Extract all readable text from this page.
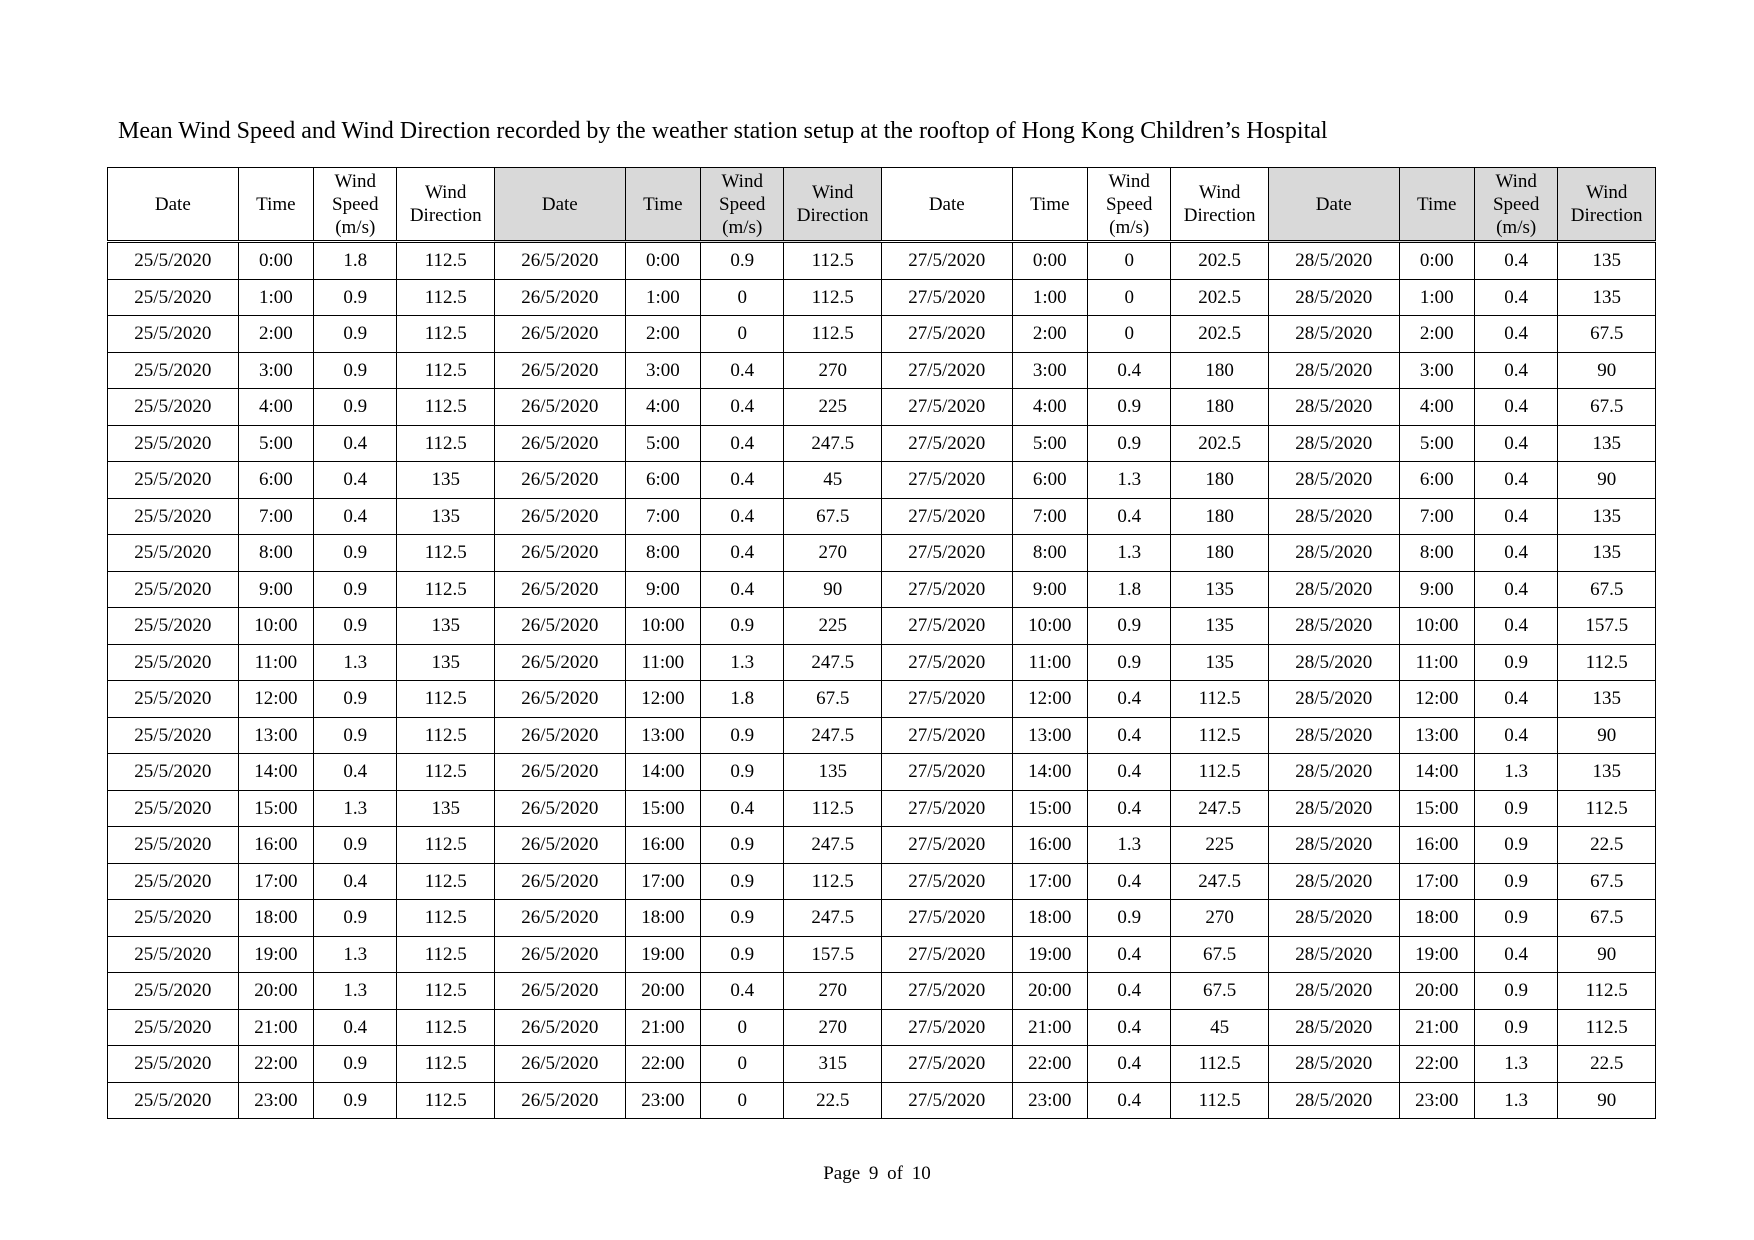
Mean Wind Speed and Wind Direction recorded by the weather station setup at the rooftop of Hong Kong Children’s Hospital
Date	Time	Wind Speed (m/s)	Wind Direction	Date	Time	Wind Speed (m/s)	Wind Direction	Date	Time	Wind Speed (m/s)	Wind Direction	Date	Time	Wind Speed (m/s)	Wind Direction
25/5/2020	0:00	1.8	112.5	26/5/2020	0:00	0.9	112.5	27/5/2020	0:00	0	202.5	28/5/2020	0:00	0.4	135
25/5/2020	1:00	0.9	112.5	26/5/2020	1:00	0	112.5	27/5/2020	1:00	0	202.5	28/5/2020	1:00	0.4	135
25/5/2020	2:00	0.9	112.5	26/5/2020	2:00	0	112.5	27/5/2020	2:00	0	202.5	28/5/2020	2:00	0.4	67.5
25/5/2020	3:00	0.9	112.5	26/5/2020	3:00	0.4	270	27/5/2020	3:00	0.4	180	28/5/2020	3:00	0.4	90
25/5/2020	4:00	0.9	112.5	26/5/2020	4:00	0.4	225	27/5/2020	4:00	0.9	180	28/5/2020	4:00	0.4	67.5
25/5/2020	5:00	0.4	112.5	26/5/2020	5:00	0.4	247.5	27/5/2020	5:00	0.9	202.5	28/5/2020	5:00	0.4	135
25/5/2020	6:00	0.4	135	26/5/2020	6:00	0.4	45	27/5/2020	6:00	1.3	180	28/5/2020	6:00	0.4	90
25/5/2020	7:00	0.4	135	26/5/2020	7:00	0.4	67.5	27/5/2020	7:00	0.4	180	28/5/2020	7:00	0.4	135
25/5/2020	8:00	0.9	112.5	26/5/2020	8:00	0.4	270	27/5/2020	8:00	1.3	180	28/5/2020	8:00	0.4	135
25/5/2020	9:00	0.9	112.5	26/5/2020	9:00	0.4	90	27/5/2020	9:00	1.8	135	28/5/2020	9:00	0.4	67.5
25/5/2020	10:00	0.9	135	26/5/2020	10:00	0.9	225	27/5/2020	10:00	0.9	135	28/5/2020	10:00	0.4	157.5
25/5/2020	11:00	1.3	135	26/5/2020	11:00	1.3	247.5	27/5/2020	11:00	0.9	135	28/5/2020	11:00	0.9	112.5
25/5/2020	12:00	0.9	112.5	26/5/2020	12:00	1.8	67.5	27/5/2020	12:00	0.4	112.5	28/5/2020	12:00	0.4	135
25/5/2020	13:00	0.9	112.5	26/5/2020	13:00	0.9	247.5	27/5/2020	13:00	0.4	112.5	28/5/2020	13:00	0.4	90
25/5/2020	14:00	0.4	112.5	26/5/2020	14:00	0.9	135	27/5/2020	14:00	0.4	112.5	28/5/2020	14:00	1.3	135
25/5/2020	15:00	1.3	135	26/5/2020	15:00	0.4	112.5	27/5/2020	15:00	0.4	247.5	28/5/2020	15:00	0.9	112.5
25/5/2020	16:00	0.9	112.5	26/5/2020	16:00	0.9	247.5	27/5/2020	16:00	1.3	225	28/5/2020	16:00	0.9	22.5
25/5/2020	17:00	0.4	112.5	26/5/2020	17:00	0.9	112.5	27/5/2020	17:00	0.4	247.5	28/5/2020	17:00	0.9	67.5
25/5/2020	18:00	0.9	112.5	26/5/2020	18:00	0.9	247.5	27/5/2020	18:00	0.9	270	28/5/2020	18:00	0.9	67.5
25/5/2020	19:00	1.3	112.5	26/5/2020	19:00	0.9	157.5	27/5/2020	19:00	0.4	67.5	28/5/2020	19:00	0.4	90
25/5/2020	20:00	1.3	112.5	26/5/2020	20:00	0.4	270	27/5/2020	20:00	0.4	67.5	28/5/2020	20:00	0.9	112.5
25/5/2020	21:00	0.4	112.5	26/5/2020	21:00	0	270	27/5/2020	21:00	0.4	45	28/5/2020	21:00	0.9	112.5
25/5/2020	22:00	0.9	112.5	26/5/2020	22:00	0	315	27/5/2020	22:00	0.4	112.5	28/5/2020	22:00	1.3	22.5
25/5/2020	23:00	0.9	112.5	26/5/2020	23:00	0	22.5	27/5/2020	23:00	0.4	112.5	28/5/2020	23:00	1.3	90
Page 9 of 10
